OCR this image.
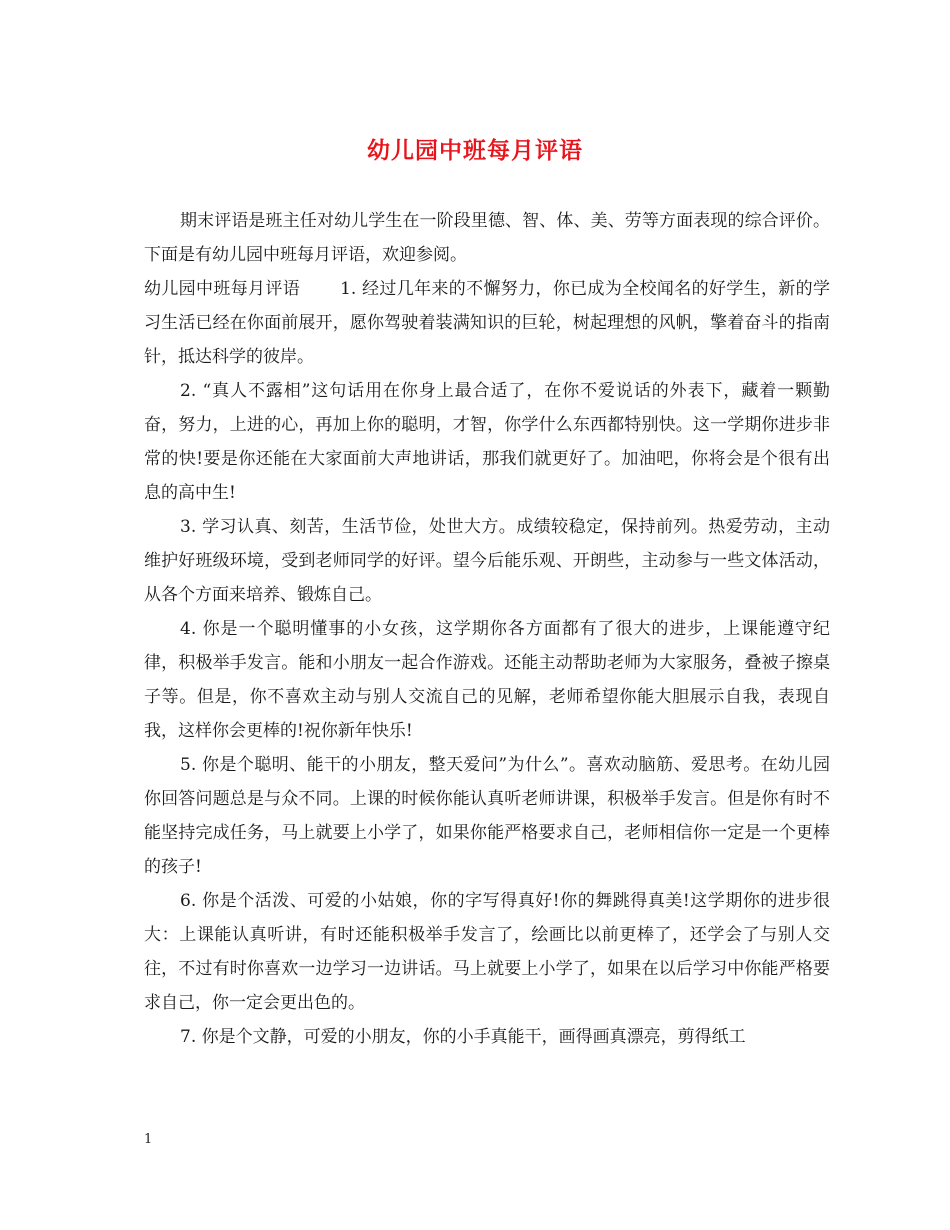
幼儿园中班每月评语

期末评语是班主任对幼儿学生在一阶段里德、智、体、美、劳等方面表现的综合评价。下面是有幼儿园中班每月评语，欢迎参阅。

幼儿园中班每月评语 1. 经过几年来的不懈努力，你已成为全校闻名的好学生，新的学习生活已经在你面前展开，愿你驾驶着装满知识的巨轮，树起理想的风帆，擎着奋斗的指南针，抵达科学的彼岸。

2. “真人不露相”这句话用在你身上最合适了，在你不爱说话的外表下，藏着一颗勤奋，努力，上进的心，再加上你的聪明，才智，你学什么东西都特别快。这一学期你进步非常的快!要是你还能在大家面前大声地讲话，那我们就更好了。加油吧，你将会是个很有出息的高中生!

3. 学习认真、刻苦，生活节俭，处世大方。成绩较稳定，保持前列。热爱劳动，主动维护好班级环境，受到老师同学的好评。望今后能乐观、开朗些，主动参与一些文体活动，从各个方面来培养、锻炼自己。

4. 你是一个聪明懂事的小女孩，这学期你各方面都有了很大的进步，上课能遵守纪律，积极举手发言。能和小朋友一起合作游戏。还能主动帮助老师为大家服务，叠被子擦桌子等。但是，你不喜欢主动与别人交流自己的见解，老师希望你能大胆展示自我，表现自我，这样你会更棒的!祝你新年快乐!

5. 你是个聪明、能干的小朋友，整天爱问”为什么”。喜欢动脑筋、爱思考。在幼儿园你回答问题总是与众不同。上课的时候你能认真听老师讲课，积极举手发言。但是你有时不能坚持完成任务，马上就要上小学了，如果你能严格要求自己，老师相信你一定是一个更棒的孩子!

6. 你是个活泼、可爱的小姑娘，你的字写得真好!你的舞跳得真美!这学期你的进步很大：上课能认真听讲，有时还能积极举手发言了，绘画比以前更棒了，还学会了与别人交往，不过有时你喜欢一边学习一边讲话。马上就要上小学了，如果在以后学习中你能严格要求自己，你一定会更出色的。

7. 你是个文静，可爱的小朋友，你的小手真能干，画得画真漂亮，剪得纸工

1
